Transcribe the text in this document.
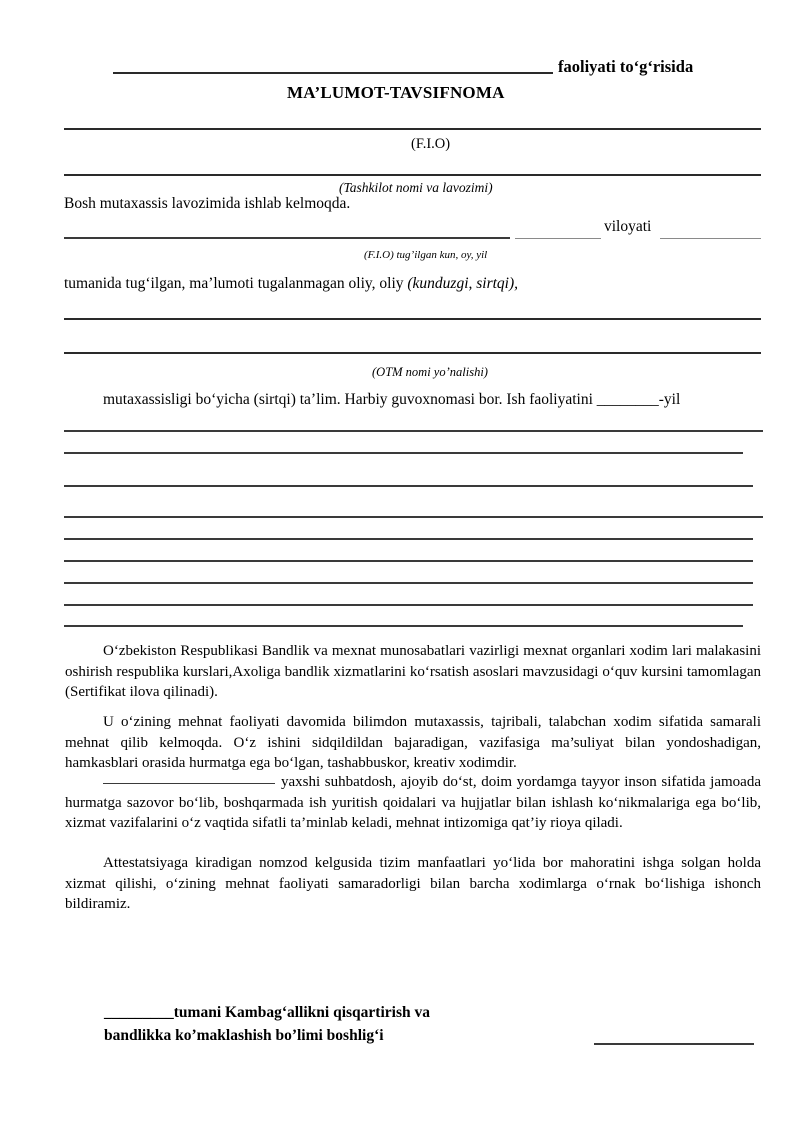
faoliyati to‘g‘risida
MA’LUMOT-TAVSIFNOMA
(F.I.O)
(Tashkilot nomi va lavozimi)
Bosh mutaxassis lavozimida ishlab kelmoqda.
viloyati
(F.I.O) tug’ilgan kun, oy, yil
tumanida tug‘ilgan, ma’lumoti tugalanmagan oliy, oliy (kunduzgi, sirtqi),
(OTM nomi yo’nalishi)
mutaxassisligi bo‘yicha (sirtqi) ta’lim. Harbiy guvoxnomasi bor. Ish faoliyatini ________-yil
O‘zbekiston Respublikasi Bandlik va mexnat munosabatlari vazirligi mexnat organlari xodim lari malakasini oshirish respublika kurslari,Axoliga bandlik xizmatlarini ko‘rsatish asoslari mavzusidagi o‘quv kursini tamomlagan (Sertifikat ilova qilinadi).
U o‘zining mehnat faoliyati davomida bilimdon mutaxassis, tajribali, talabchan xodim sifatida samarali mehnat qilib kelmoqda. O‘z ishini sidqildildan bajaradigan, vazifasiga ma’suliyat bilan yondoshadigan, hamkasblari orasida hurmatga ega bo‘lgan, tashabbuskor, kreativ xodimdir.
yaxshi suhbatdosh, ajoyib do‘st, doim yordamga tayyor inson sifatida jamoada hurmatga sazovor bo‘lib, boshqarmada ish yuritish qoidalari va hujjatlar bilan ishlash ko‘nikmalariga ega bo‘lib, xizmat vazifalarini o‘z vaqtida sifatli ta’minlab keladi, mehnat intizomiga qat’iy rioya qiladi.
Attestatsiyaga kiradigan nomzod kelgusida tizim manfaatlari yo‘lida bor mahoratini ishga solgan holda xizmat qilishi, o‘zining mehnat faoliyati samaradorligi bilan barcha xodimlarga o‘rnak bo‘lishiga ishonch bildiramiz.
_________tumani Kambag‘allikni qisqartirish va
bandlikka ko’maklashish bo’limi boshlig‘i
